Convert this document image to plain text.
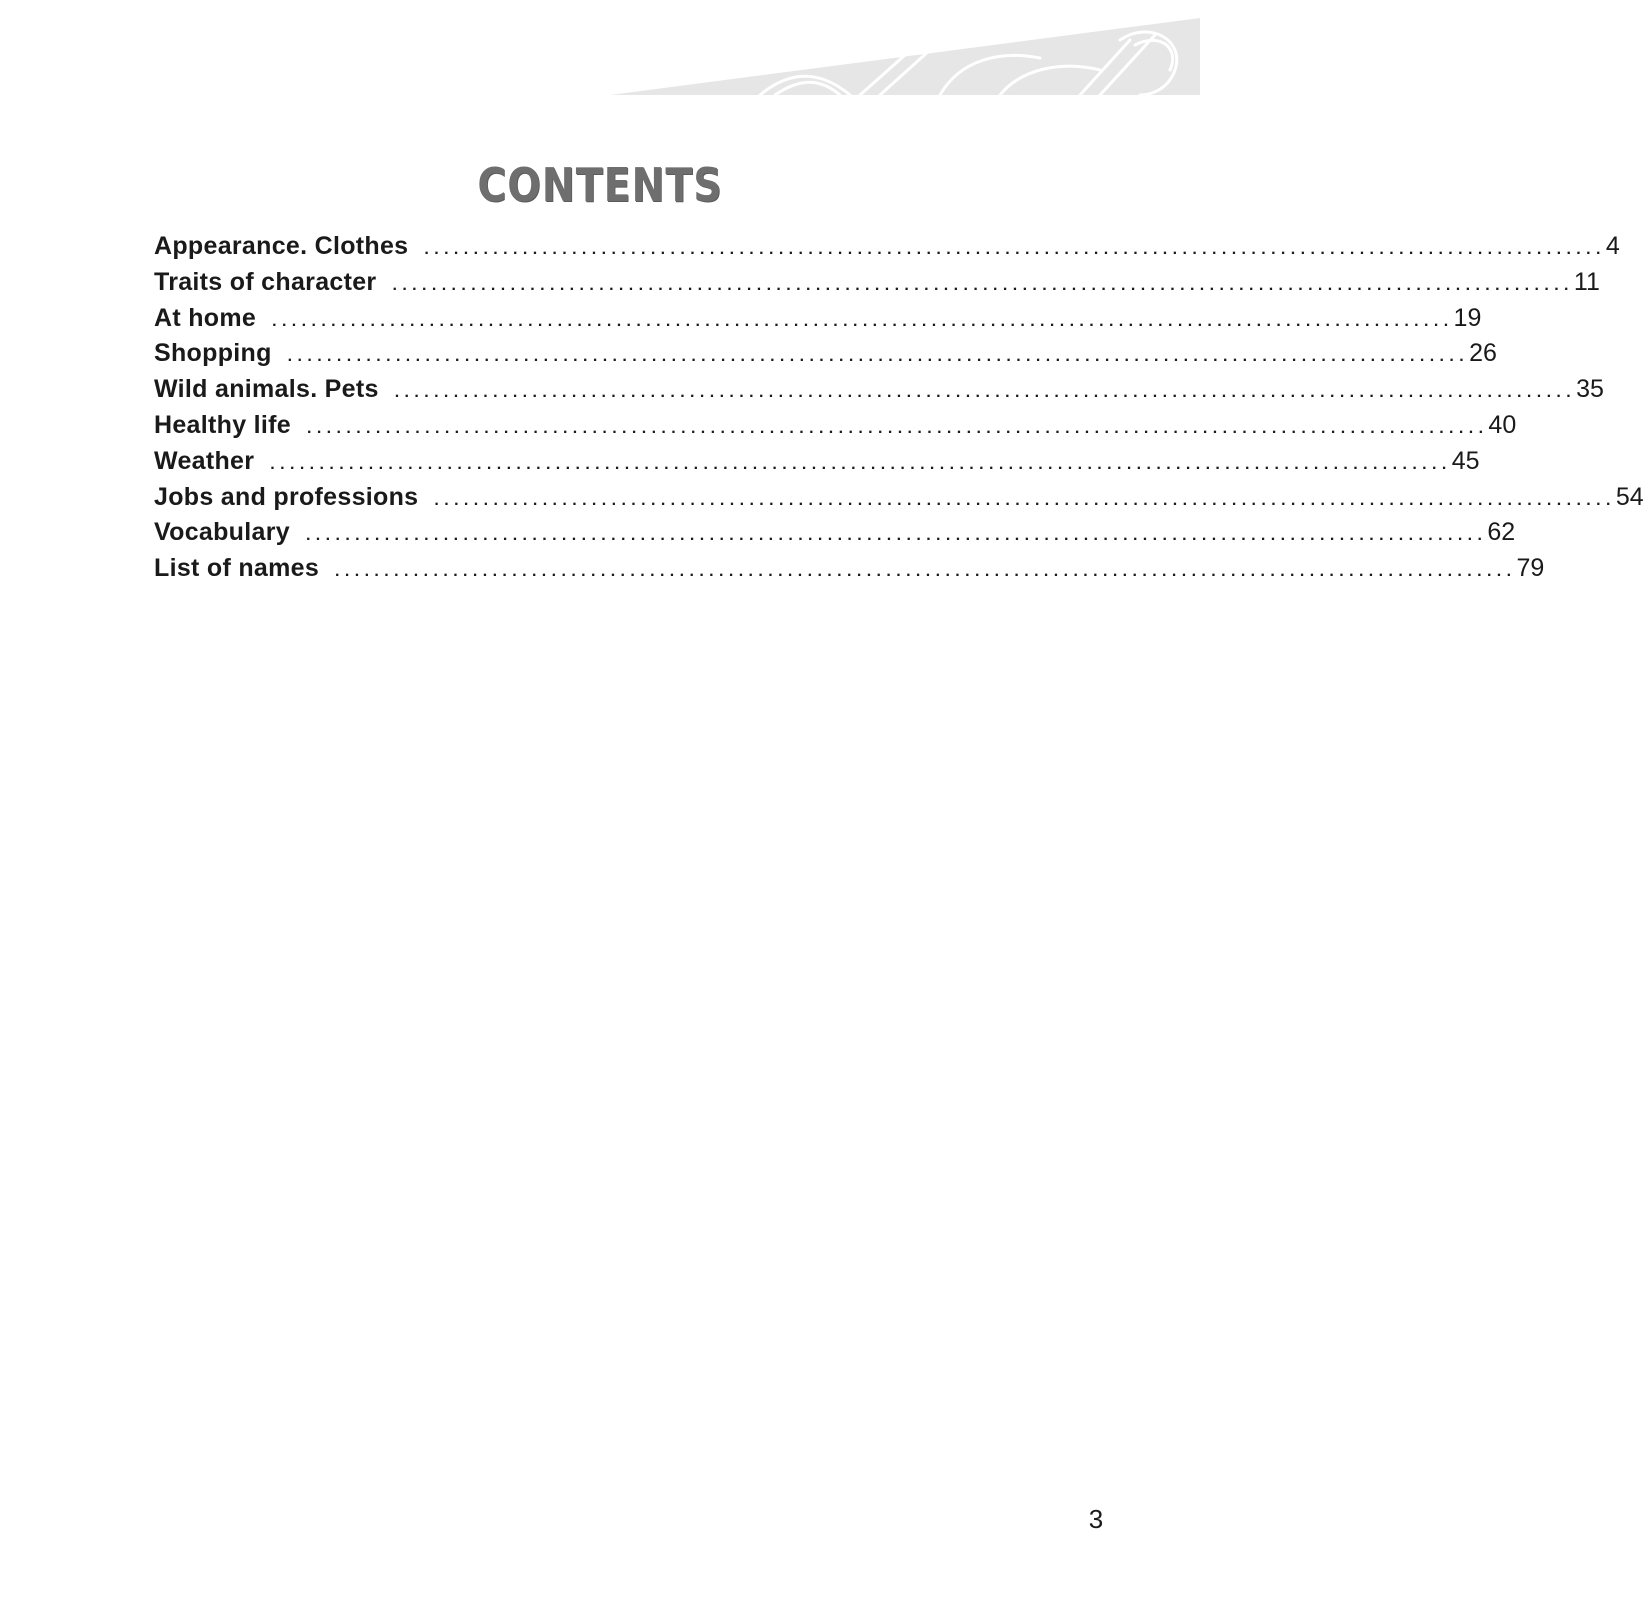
CONTENTS
Appearance. Clothes	........................................................................................................................ 4
Traits of character	........................................................................................................................ 11
At home	........................................................................................................................ 19
Shopping	........................................................................................................................ 26
Wild animals. Pets	........................................................................................................................ 35
Healthy life	........................................................................................................................ 40
Weather	........................................................................................................................ 45
Jobs and professions	........................................................................................................................ 54
Vocabulary	........................................................................................................................ 62
List of names	........................................................................................................................ 79
3
